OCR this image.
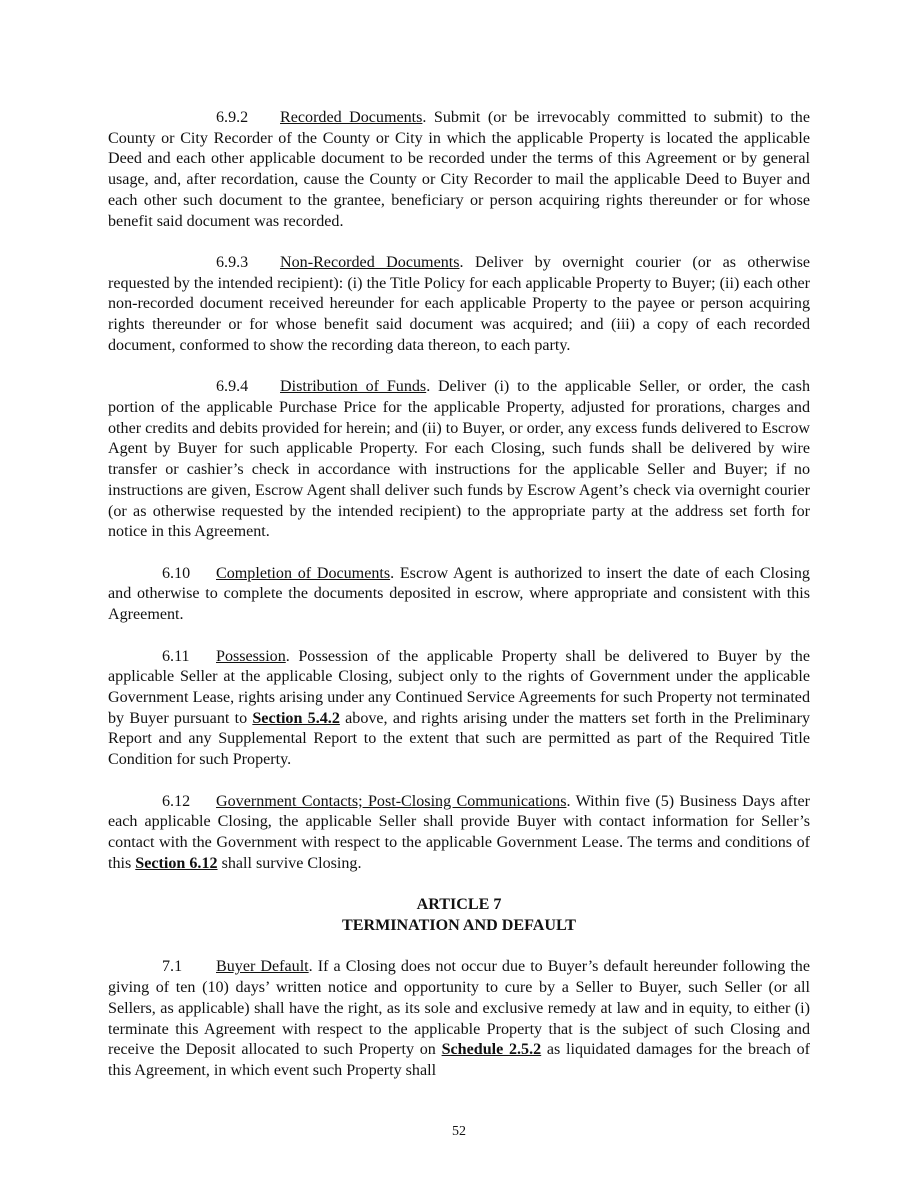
6.9.2 Recorded Documents. Submit (or be irrevocably committed to submit) to the County or City Recorder of the County or City in which the applicable Property is located the applicable Deed and each other applicable document to be recorded under the terms of this Agreement or by general usage, and, after recordation, cause the County or City Recorder to mail the applicable Deed to Buyer and each other such document to the grantee, beneficiary or person acquiring rights thereunder or for whose benefit said document was recorded.

6.9.3 Non-Recorded Documents. Deliver by overnight courier (or as otherwise requested by the intended recipient): (i) the Title Policy for each applicable Property to Buyer; (ii) each other non-recorded document received hereunder for each applicable Property to the payee or person acquiring rights thereunder or for whose benefit said document was acquired; and (iii) a copy of each recorded document, conformed to show the recording data thereon, to each party.

6.9.4 Distribution of Funds. Deliver (i) to the applicable Seller, or order, the cash portion of the applicable Purchase Price for the applicable Property, adjusted for prorations, charges and other credits and debits provided for herein; and (ii) to Buyer, or order, any excess funds delivered to Escrow Agent by Buyer for such applicable Property. For each Closing, such funds shall be delivered by wire transfer or cashier’s check in accordance with instructions for the applicable Seller and Buyer; if no instructions are given, Escrow Agent shall deliver such funds by Escrow Agent’s check via overnight courier (or as otherwise requested by the intended recipient) to the appropriate party at the address set forth for notice in this Agreement.

6.10 Completion of Documents. Escrow Agent is authorized to insert the date of each Closing and otherwise to complete the documents deposited in escrow, where appropriate and consistent with this Agreement.

6.11 Possession. Possession of the applicable Property shall be delivered to Buyer by the applicable Seller at the applicable Closing, subject only to the rights of Government under the applicable Government Lease, rights arising under any Continued Service Agreements for such Property not terminated by Buyer pursuant to Section 5.4.2 above, and rights arising under the matters set forth in the Preliminary Report and any Supplemental Report to the extent that such are permitted as part of the Required Title Condition for such Property.

6.12 Government Contacts; Post-Closing Communications. Within five (5) Business Days after each applicable Closing, the applicable Seller shall provide Buyer with contact information for Seller’s contact with the Government with respect to the applicable Government Lease. The terms and conditions of this Section 6.12 shall survive Closing.

ARTICLE 7
TERMINATION AND DEFAULT

7.1 Buyer Default. If a Closing does not occur due to Buyer’s default hereunder following the giving of ten (10) days’ written notice and opportunity to cure by a Seller to Buyer, such Seller (or all Sellers, as applicable) shall have the right, as its sole and exclusive remedy at law and in equity, to either (i) terminate this Agreement with respect to the applicable Property that is the subject of such Closing and receive the Deposit allocated to such Property on Schedule 2.5.2 as liquidated damages for the breach of this Agreement, in which event such Property shall

52
